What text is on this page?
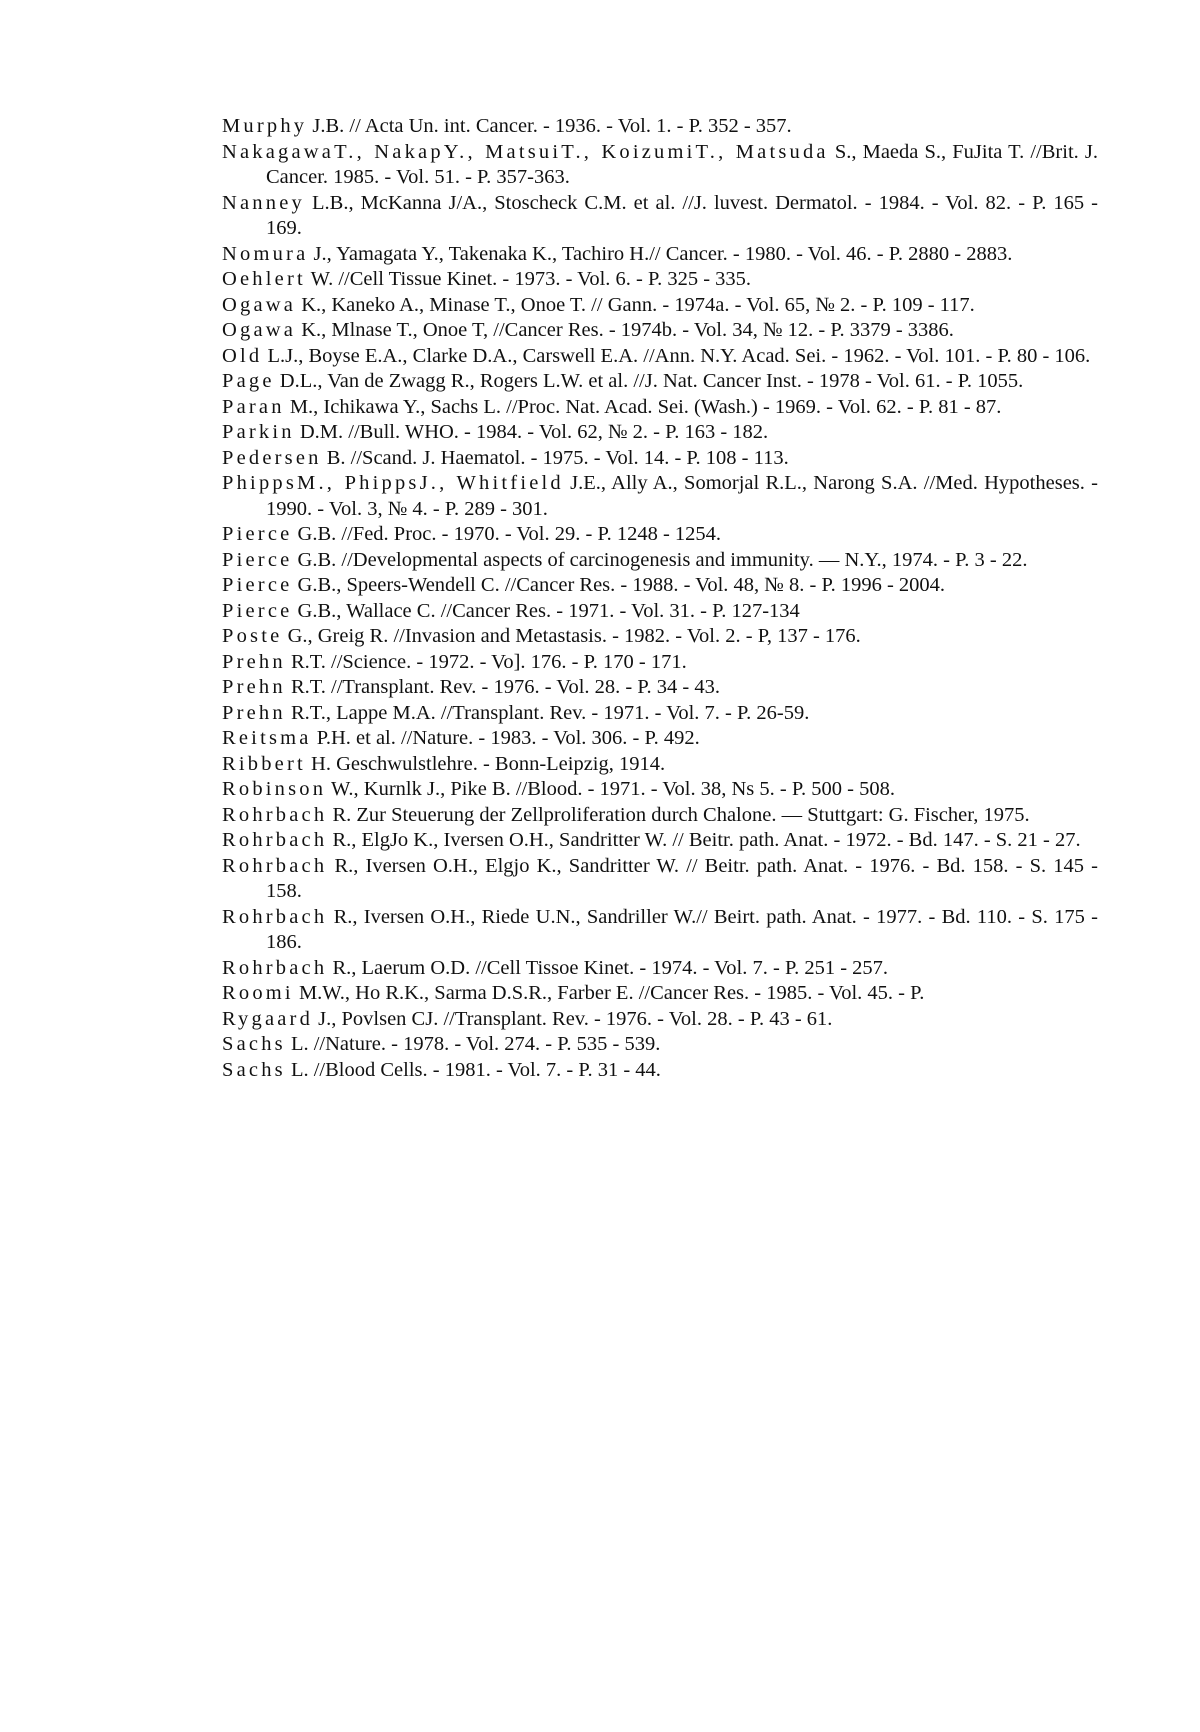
Murphy J.B. // Acta Un. int. Cancer. - 1936. - Vol. 1. - P. 352 - 357.

NakagawaT., NakapY., MatsuiT., KoizumiT., Matsuda S., Maeda S., FuJita T. //Brit. J. Cancer. 1985. - Vol. 51. - P. 357-363.

Nanney L.B., McKanna J/A., Stoscheck C.M. et al. //J. luvest. Dermatol. - 1984. - Vol. 82. - P. 165 - 169.

Nomura J., Yamagata Y., Takenaka K., Tachiro H.// Cancer. - 1980. - Vol. 46. - P. 2880 - 2883.

Oehlert W. //Cell Tissue Kinet. - 1973. - Vol. 6. - P. 325 - 335.

Ogawa K., Kaneko A., Minase T., Onoe T. // Gann. - 1974a. - Vol. 65, № 2. - P. 109 - 117.

Ogawa K., Mlnase T., Onoe T, //Cancer Res. - 1974b. - Vol. 34, № 12. - P. 3379 - 3386.

Old L.J., Boyse E.A., Clarke D.A., Carswell E.A. //Ann. N.Y. Acad. Sei. - 1962. - Vol. 101. - P. 80 - 106.

Page D.L., Van de Zwagg R., Rogers L.W. et al. //J. Nat. Cancer Inst. - 1978 - Vol. 61. - P. 1055.

Paran M., Ichikawa Y., Sachs L. //Proc. Nat. Acad. Sei. (Wash.) - 1969. - Vol. 62. - P. 81 - 87.

Parkin D.M. //Bull. WHO. - 1984. - Vol. 62, № 2. - P. 163 - 182.

Pedersen B. //Scand. J. Haematol. - 1975. - Vol. 14. - P. 108 - 113.

PhippsM., PhippsJ., Whitfield J.E., Ally A., Somorjal R.L., Narong S.A. //Med. Hypotheses. - 1990. - Vol. 3, № 4. - P. 289 - 301.

Pierce G.B. //Fed. Proc. - 1970. - Vol. 29. - P. 1248 - 1254.

Pierce G.B. //Developmental aspects of carcinogenesis and immunity. — N.Y., 1974. - P. 3 - 22.

Pierce G.B., Speers-Wendell C. //Cancer Res. - 1988. - Vol. 48, № 8. - P. 1996 - 2004.

Pierce G.B., Wallace C. //Cancer Res. - 1971. - Vol. 31. - P. 127-134

Poste G., Greig R. //Invasion and Metastasis. - 1982. - Vol. 2. - P, 137 - 176.

Prehn R.T. //Science. - 1972. - Vo]. 176. - P. 170 - 171.

Prehn R.T. //Transplant. Rev. - 1976. - Vol. 28. - P. 34 - 43.

Prehn R.T., Lappe M.A. //Transplant. Rev. - 1971. - Vol. 7. - P. 26-59.

Reitsma P.H. et al. //Nature. - 1983. - Vol. 306. - P. 492.

Ribbert H. Geschwulstlehre. - Bonn-Leipzig, 1914.

Robinson W., Kurnlk J., Pike B. //Blood. - 1971. - Vol. 38, Ns 5. - P. 500 - 508.

Rohrbach R. Zur Steuerung der Zellproliferation durch Chalone. — Stuttgart: G. Fischer, 1975.

Rohrbach R., ElgJo K., Iversen O.H., Sandritter W. // Beitr. path. Anat. - 1972. - Bd. 147. - S. 21 - 27.

Rohrbach R., Iversen O.H., Elgjo K., Sandritter W. // Beitr. path. Anat. - 1976. - Bd. 158. - S. 145 - 158.

Rohrbach R., Iversen O.H., Riede U.N., Sandriller W.// Beirt. path. Anat. - 1977. - Bd. 110. - S. 175 - 186.

Rohrbach R., Laerum O.D. //Cell Tissoe Kinet. - 1974. - Vol. 7. - P. 251 - 257.

Roomi M.W., Ho R.K., Sarma D.S.R., Farber E. //Cancer Res. - 1985. - Vol. 45. - P.

Rygaard J., Povlsen CJ. //Transplant. Rev. - 1976. - Vol. 28. - P. 43 - 61.

Sachs L. //Nature. - 1978. - Vol. 274. - P. 535 - 539.

Sachs L. //Blood Cells. - 1981. - Vol. 7. - P. 31 - 44.
